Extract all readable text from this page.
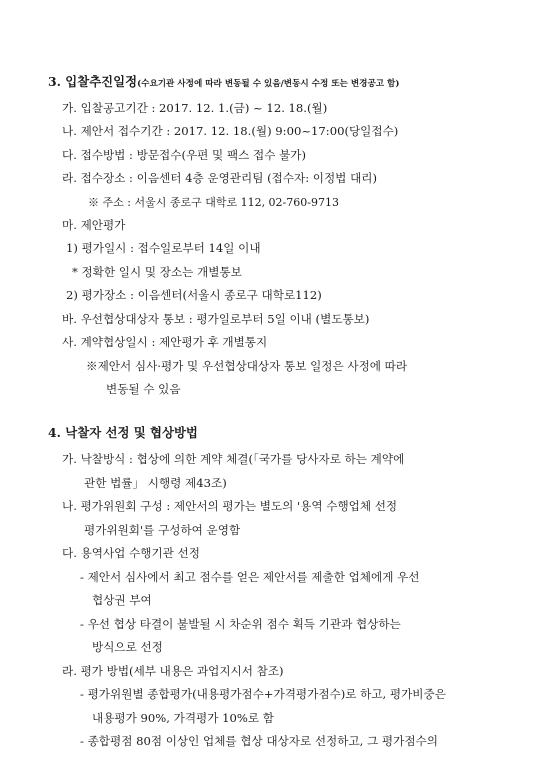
3. 입찰추진일정(수요기관 사정에 따라 변동될 수 있음/변동시 수정 또는 변경공고 함)
가. 입찰공고기간 : 2017. 12. 1.(금) ~ 12. 18.(월)
나. 제안서 접수기간 : 2017. 12. 18.(월) 9:00~17:00(당일접수)
다. 접수방법 : 방문접수(우편 및 팩스 접수 불가)
라. 접수장소 : 이음센터 4층 운영관리팀 (접수자: 이정법 대리)
※ 주소 : 서울시 종로구 대학로 112, 02-760-9713
마. 제안평가
1) 평가일시 : 접수일로부터 14일 이내
* 정확한 일시 및 장소는 개별통보
2) 평가장소 : 이음센터(서울시 종로구 대학로112)
바. 우선협상대상자 통보 : 평가일로부터 5일 이내 (별도통보)
사. 계약협상일시 : 제안평가 후 개별통지
※제안서 심사·평가 및 우선협상대상자 통보 일정은 사정에 따라
변동될 수 있음
4. 낙찰자 선정 및 협상방법
가. 낙찰방식 : 협상에 의한 계약 체결(「국가를 당사자로 하는 계약에
관한 법률」 시행령 제43조)
나. 평가위원회 구성 : 제안서의 평가는 별도의 '용역 수행업체 선정
평가위원회'를 구성하여 운영함
다. 용역사업 수행기관 선정
- 제안서 심사에서 최고 점수를 얻은 제안서를 제출한 업체에게 우선
협상권 부여
- 우선 협상 타결이 불발될 시 차순위 점수 획득 기관과 협상하는
방식으로 선정
라. 평가 방법(세부 내용은 과업지시서 참조)
- 평가위원별 종합평가(내용평가점수+가격평가점수)로 하고, 평가비중은
내용평가 90%, 가격평가 10%로 함
- 종합평점 80점 이상인 업체를 협상 대상자로 선정하고, 그 평가점수의
